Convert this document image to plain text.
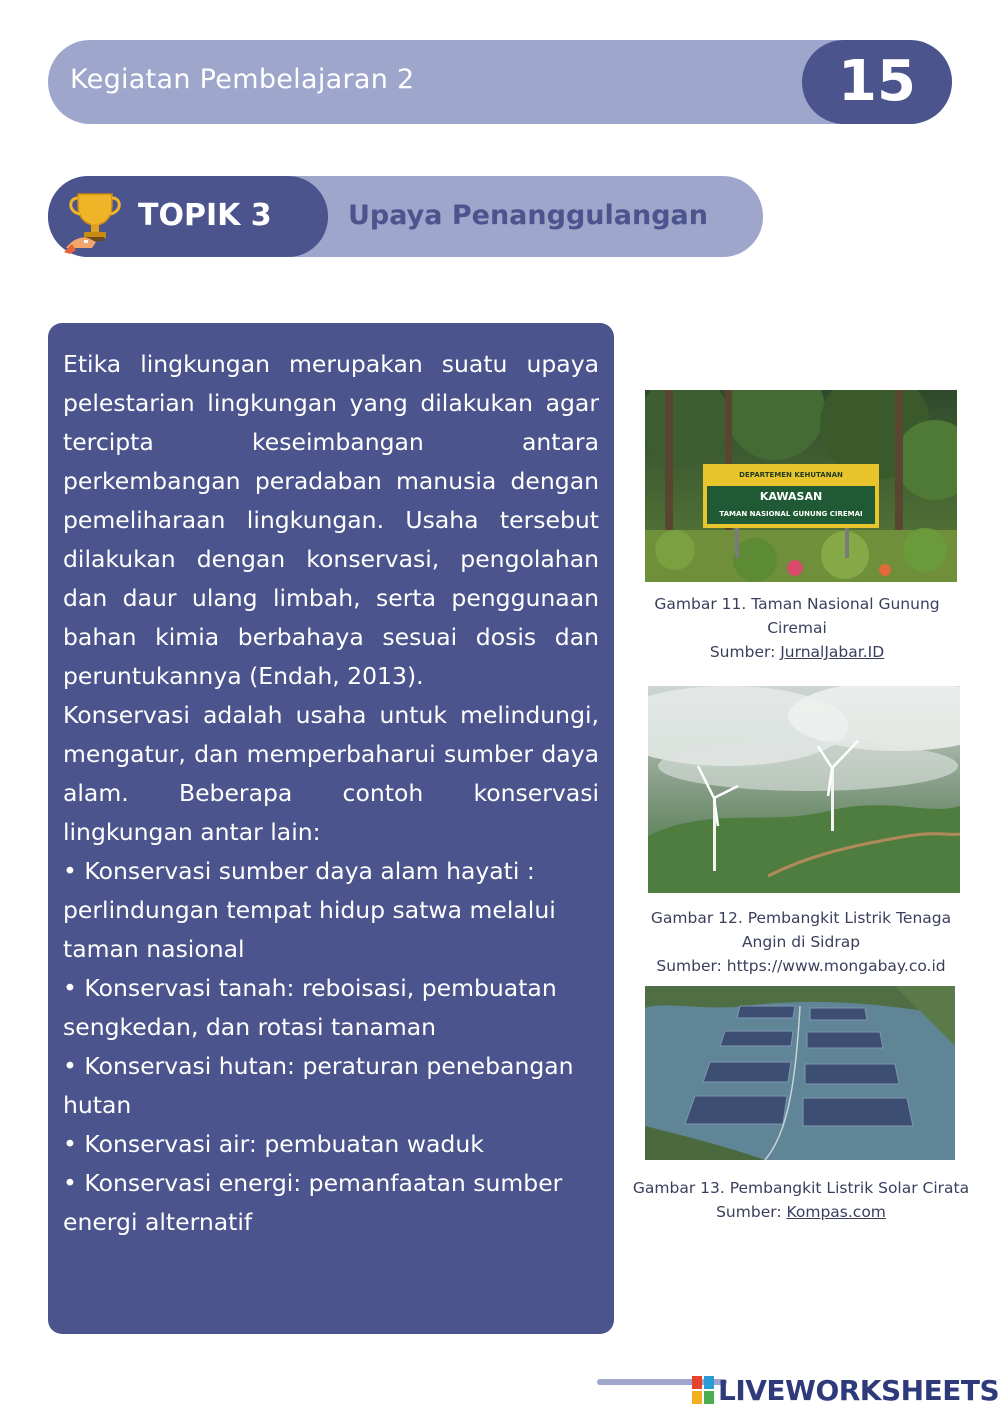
Kegiatan Pembelajaran 2	15
TOPIK 3	Upaya Penanggulangan

Etika lingkungan merupakan suatu upaya pelestarian lingkungan yang dilakukan agar tercipta keseimbangan antara perkembangan peradaban manusia dengan pemeliharaan lingkungan. Usaha tersebut dilakukan dengan konservasi, pengolahan dan daur ulang limbah, serta penggunaan bahan kimia berbahaya sesuai dosis dan peruntukannya (Endah, 2013).

Konservasi adalah usaha untuk melindungi, mengatur, dan memperbaharui sumber daya alam. Beberapa contoh konservasi lingkungan antar lain:

• Konservasi sumber daya alam hayati : perlindungan tempat hidup satwa melalui taman nasional

• Konservasi tanah: reboisasi, pembuatan sengkedan, dan rotasi tanaman

• Konservasi hutan: peraturan penebangan hutan

• Konservasi air: pembuatan waduk

• Konservasi energi: pemanfaatan sumber energi alternatif

DEPARTEMEN KEHUTANAN
KAWASAN
TAMAN NASIONAL GUNUNG CIREMAI
Gambar 11. Taman Nasional Gunung Ciremai
Sumber: JurnalJabar.ID
Gambar 12. Pembangkit Listrik Tenaga Angin di Sidrap
Sumber: https://www.mongabay.co.id
Gambar 13. Pembangkit Listrik Solar Cirata
Sumber: Kompas.com
LIVEWORKSHEETS
